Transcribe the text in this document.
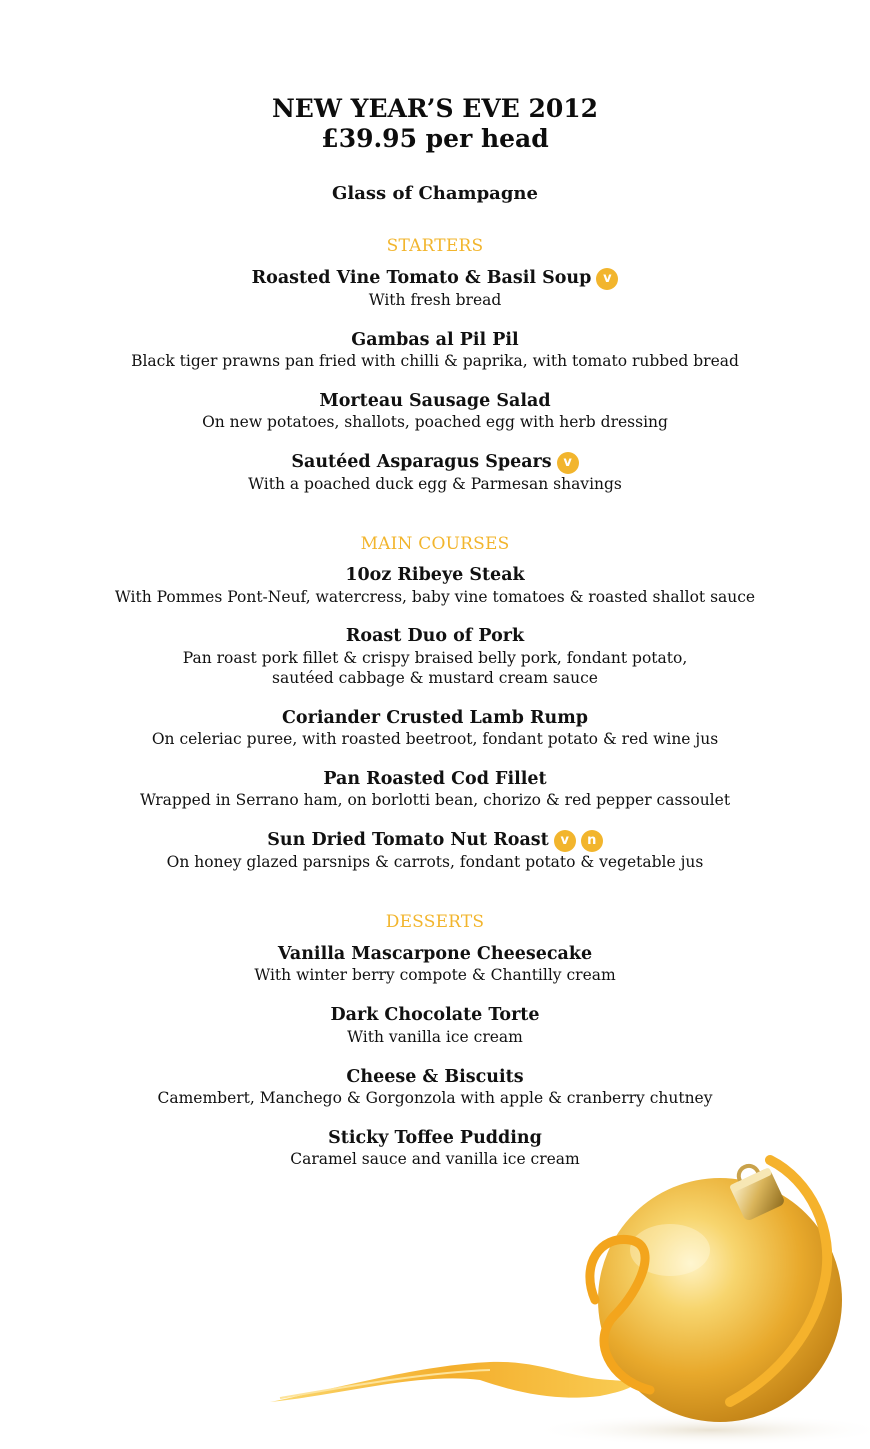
NEW YEAR’S EVE 2012
£39.95 per head
Glass of Champagne
STARTERS
Roasted Vine Tomato & Basil Soup v
With fresh bread
Gambas al Pil Pil
Black tiger prawns pan fried with chilli & paprika, with tomato rubbed bread
Morteau Sausage Salad
On new potatoes, shallots, poached egg with herb dressing
Sautéed Asparagus Spears v
With a poached duck egg & Parmesan shavings
MAIN COURSES
10oz Ribeye Steak
With Pommes Pont-Neuf, watercress, baby vine tomatoes & roasted shallot sauce
Roast Duo of Pork
Pan roast pork fillet & crispy braised belly pork, fondant potato,
sautéed cabbage & mustard cream sauce
Coriander Crusted Lamb Rump
On celeriac puree, with roasted beetroot, fondant potato & red wine jus
Pan Roasted Cod Fillet
Wrapped in Serrano ham, on borlotti bean, chorizo & red pepper cassoulet
Sun Dried Tomato Nut Roast v n
On honey glazed parsnips & carrots, fondant potato & vegetable jus
DESSERTS
Vanilla Mascarpone Cheesecake
With winter berry compote & Chantilly cream
Dark Chocolate Torte
With vanilla ice cream
Cheese & Biscuits
Camembert, Manchego & Gorgonzola with apple & cranberry chutney
Sticky Toffee Pudding
Caramel sauce and vanilla ice cream
